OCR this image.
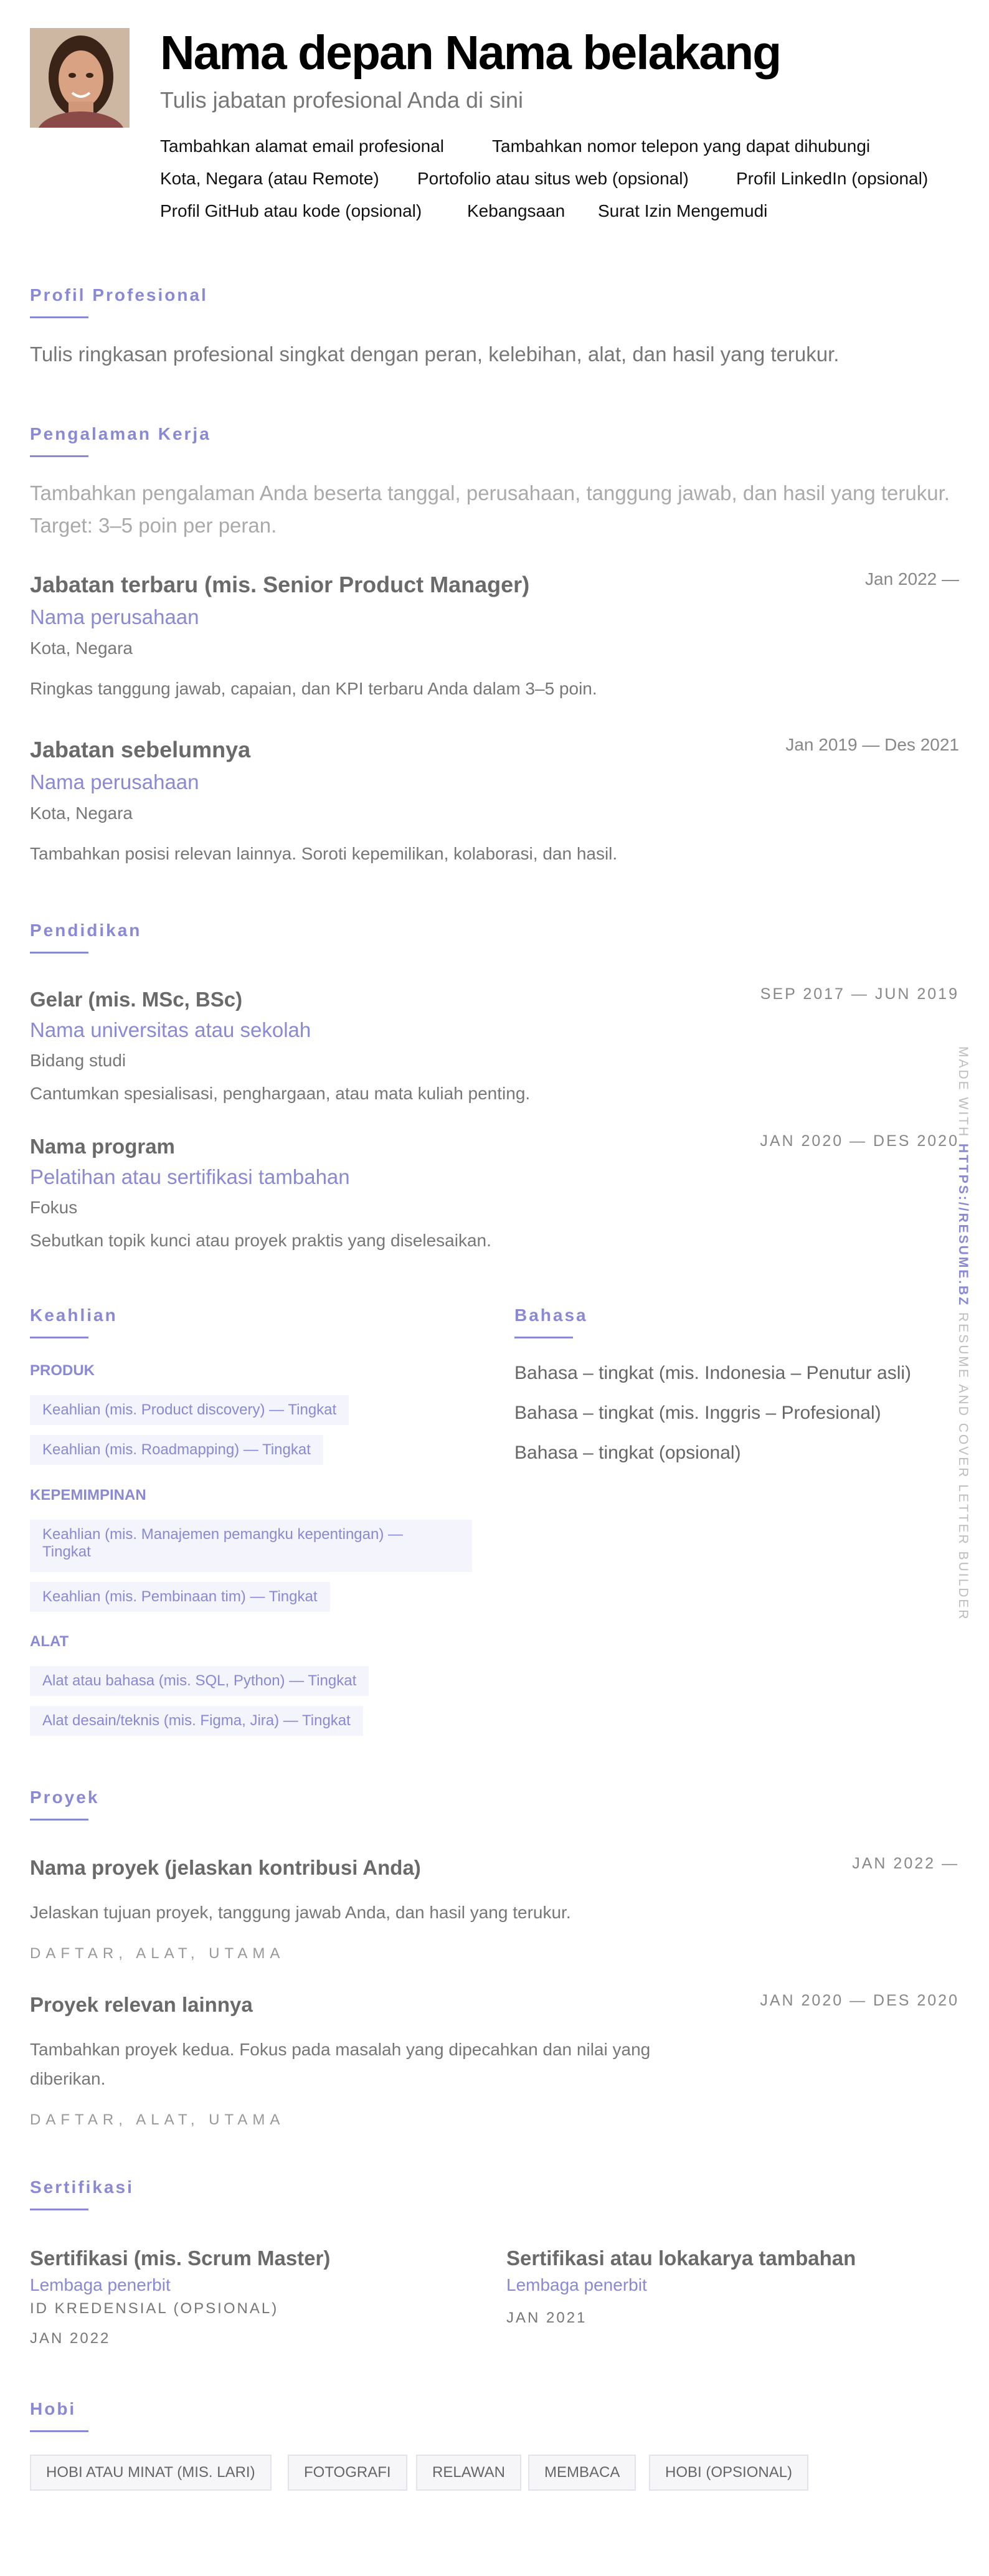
Nama depan Nama belakang
Tulis jabatan profesional Anda di sini
Tambahkan alamat email profesional	Tambahkan nomor telepon yang dapat dihubungi
Kota, Negara (atau Remote) Portofolio atau situs web (opsional)	Profil LinkedIn (opsional)
Profil GitHub atau kode (opsional)	Kebangsaan Surat Izin Mengemudi
Profil Profesional
Tulis ringkasan profesional singkat dengan peran, kelebihan, alat, dan hasil yang terukur.
Pengalaman Kerja
Tambahkan pengalaman Anda beserta tanggal, perusahaan, tanggung jawab, dan hasil yang terukur. Target: 3–5 poin per peran.
Jabatan terbaru (mis. Senior Product Manager)	Jan 2022 —
Nama perusahaan
Kota, Negara
Ringkas tanggung jawab, capaian, dan KPI terbaru Anda dalam 3–5 poin.
Jabatan sebelumnya	Jan 2019 — Des 2021
Nama perusahaan
Kota, Negara
Tambahkan posisi relevan lainnya. Soroti kepemilikan, kolaborasi, dan hasil.
Pendidikan
Gelar (mis. MSc, BSc)	SEP 2017 — JUN 2019
Nama universitas atau sekolah
Bidang studi
Cantumkan spesialisasi, penghargaan, atau mata kuliah penting.
Nama program	JAN 2020 — DES 2020
Pelatihan atau sertifikasi tambahan
Fokus
Sebutkan topik kunci atau proyek praktis yang diselesaikan.
Keahlian
PRODUK
Keahlian (mis. Product discovery) — Tingkat
Keahlian (mis. Roadmapping) — Tingkat
KEPEMIMPINAN
Keahlian (mis. Manajemen pemangku kepentingan) —
Tingkat
Keahlian (mis. Pembinaan tim) — Tingkat
ALAT
Alat atau bahasa (mis. SQL, Python) — Tingkat
Alat desain/teknis (mis. Figma, Jira) — Tingkat
Bahasa
Bahasa – tingkat (mis. Indonesia – Penutur asli)
Bahasa – tingkat (mis. Inggris – Profesional)
Bahasa – tingkat (opsional)
Proyek
Nama proyek (jelaskan kontribusi Anda)	JAN 2022 —
Jelaskan tujuan proyek, tanggung jawab Anda, dan hasil yang terukur.
DAFTAR, ALAT, UTAMA
Proyek relevan lainnya	JAN 2020 — DES 2020
Tambahkan proyek kedua. Fokus pada masalah yang dipecahkan dan nilai yang
diberikan.
DAFTAR, ALAT, UTAMA
Sertifikasi
Sertifikasi (mis. Scrum Master)
Lembaga penerbit
ID KREDENSIAL (OPSIONAL)
JAN 2022
Sertifikasi atau lokakarya tambahan
Lembaga penerbit
JAN 2021
Hobi
HOBI ATAU MINAT (MIS. LARI)	FOTOGRAFI	RELAWAN	MEMBACA	HOBI (OPSIONAL)
MADE WITH HTTPS://RESUME.BZ RESUME AND COVER LETTER BUILDER
